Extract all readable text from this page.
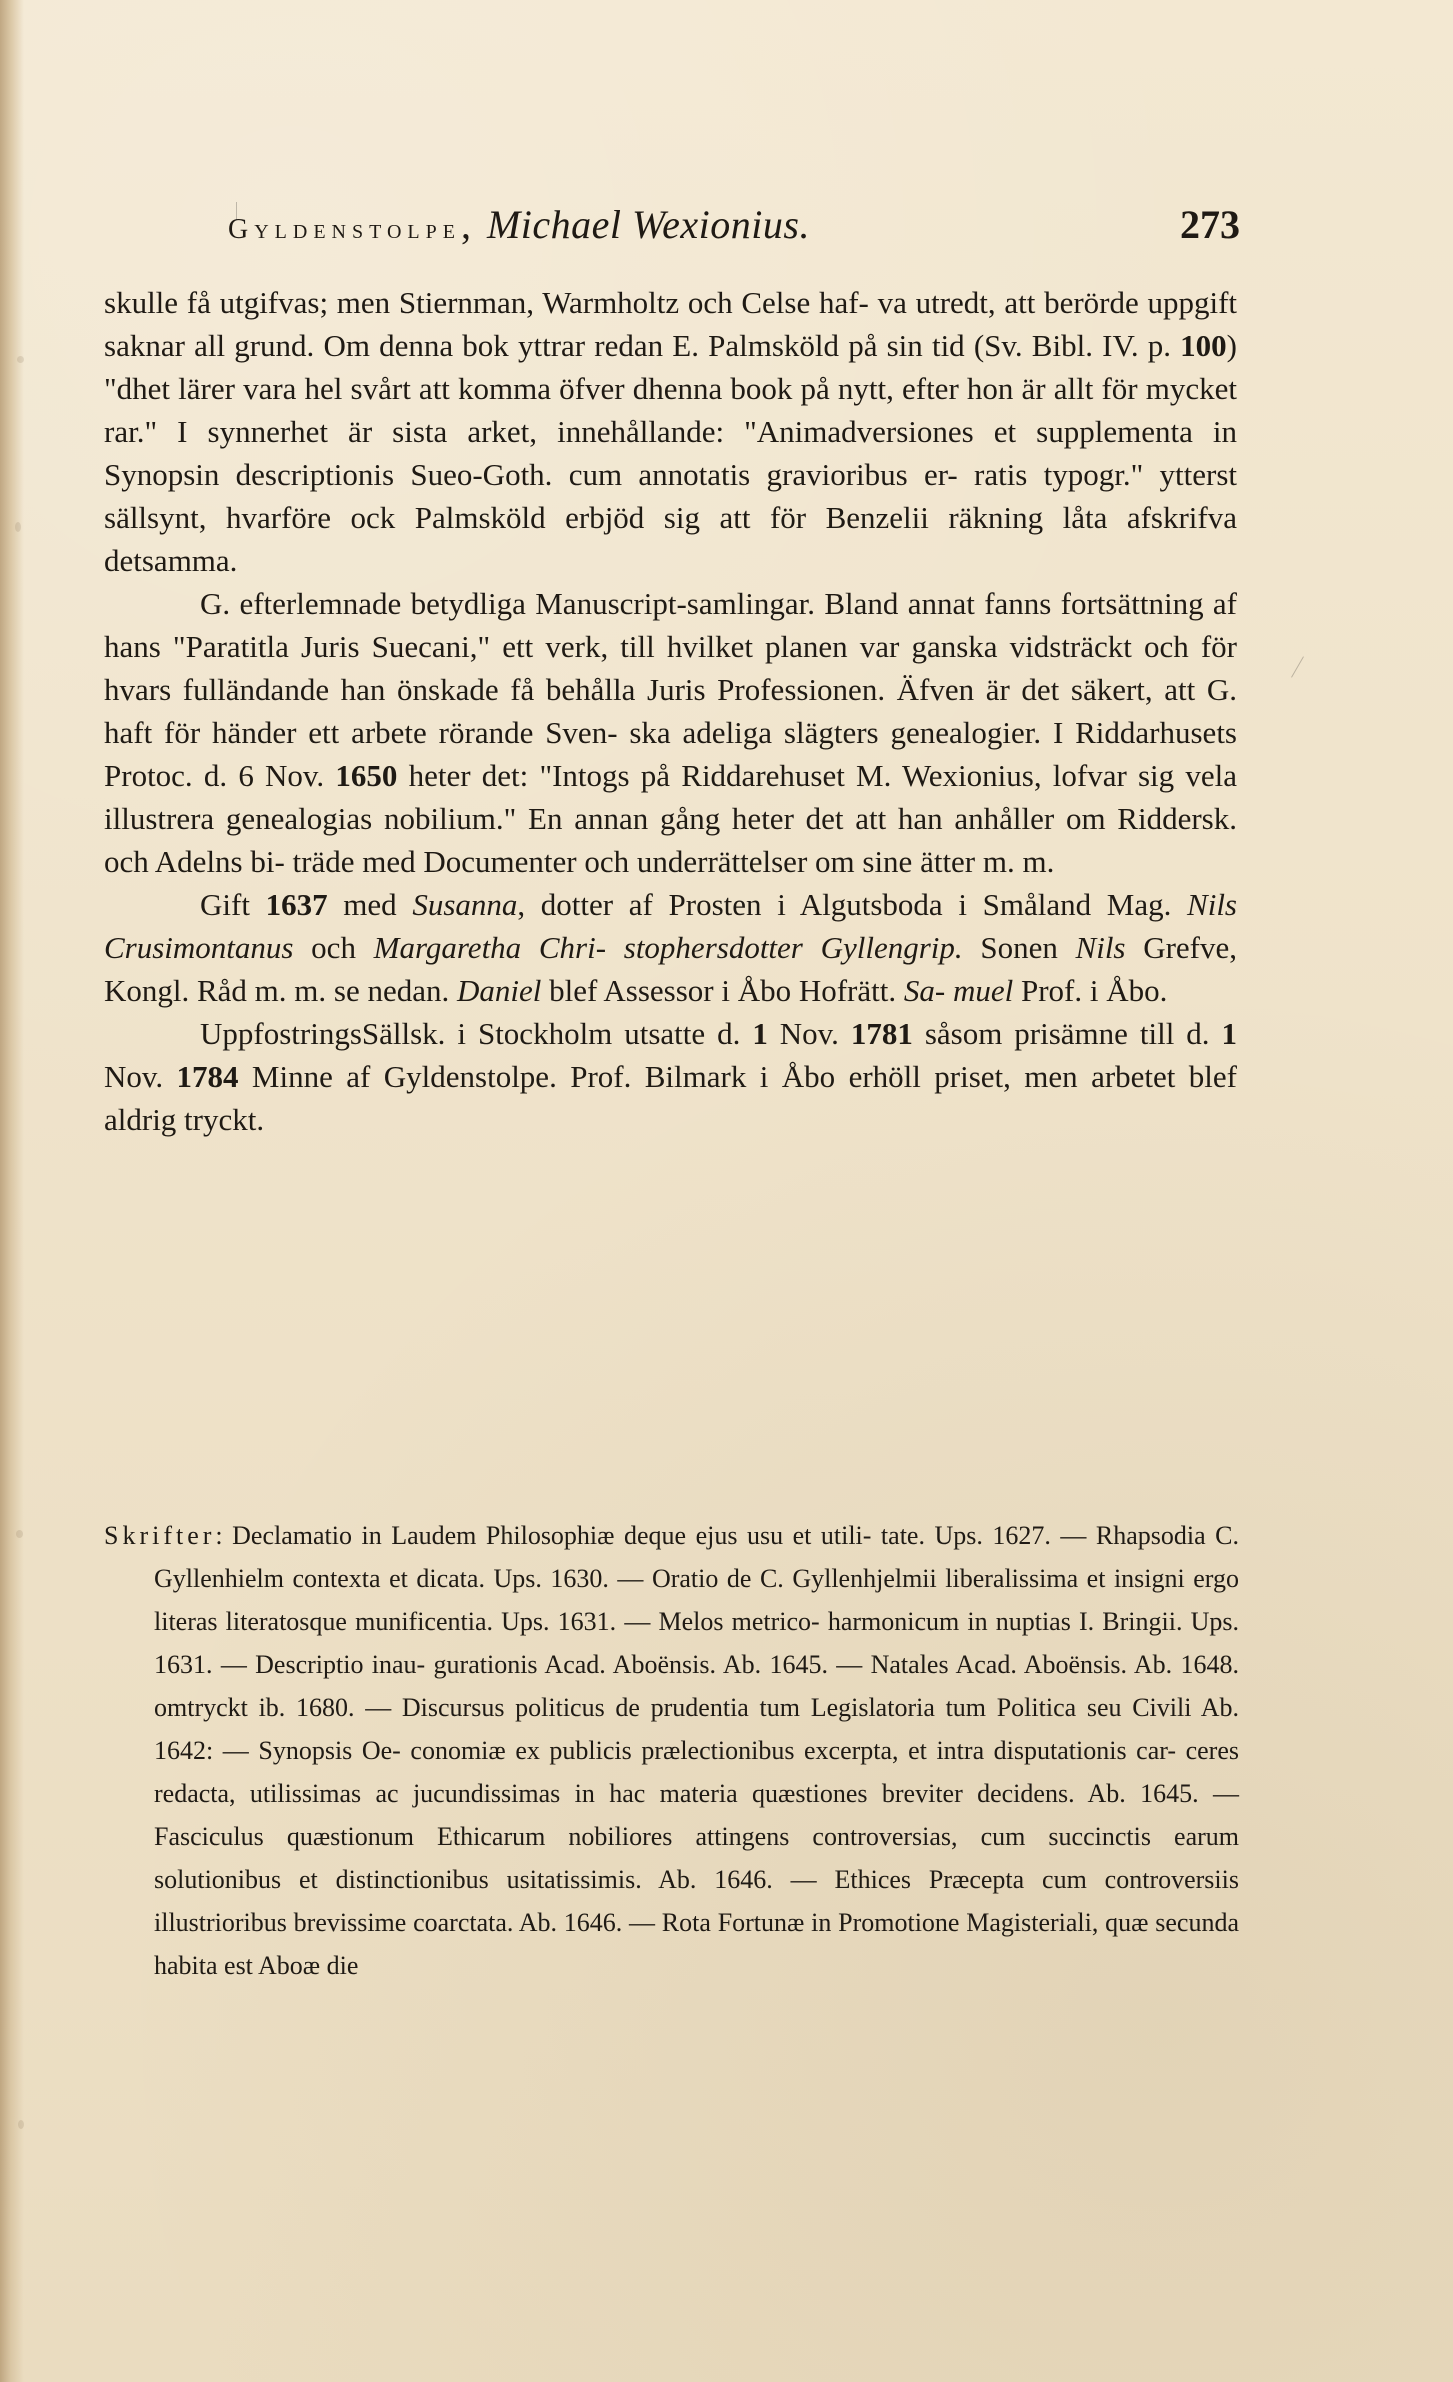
Gyldenstolpe, Michael Wexionius.	273

skulle få utgifvas; men Stiernman, Warmholtz och Celse haf- va utredt, att berörde uppgift saknar all grund. Om denna bok yttrar redan E. Palmsköld på sin tid (Sv. Bibl. IV. p. 100) "dhet lärer vara hel svårt att komma öfver dhenna book på nytt, efter hon är allt för mycket rar." I synnerhet är sista arket, innehållande: "Animadversiones et supplementa in Synopsin descriptionis Sueo-Goth. cum annotatis gravioribus er- ratis typogr." ytterst sällsynt, hvarföre ock Palmsköld erbjöd sig att för Benzelii räkning låta afskrifva detsamma.

G. efterlemnade betydliga Manuscript-samlingar. Bland annat fanns fortsättning af hans "Paratitla Juris Suecani," ett verk, till hvilket planen var ganska vidsträckt och för hvars fulländande han önskade få behålla Juris Professionen. Äfven är det säkert, att G. haft för händer ett arbete rörande Sven- ska adeliga slägters genealogier. I Riddarhusets Protoc. d. 6 Nov. 1650 heter det: "Intogs på Riddarehuset M. Wexionius, lofvar sig vela illustrera genealogias nobilium." En annan gång heter det att han anhåller om Riddersk. och Adelns bi- träde med Documenter och underrättelser om sine ätter m. m.

Gift 1637 med Susanna, dotter af Prosten i Algutsboda i Småland Mag. Nils Crusimontanus och Margaretha Chri- stophersdotter Gyllengrip. Sonen Nils Grefve, Kongl. Råd m. m. se nedan. Daniel blef Assessor i Åbo Hofrätt. Sa- muel Prof. i Åbo.

UppfostringsSällsk. i Stockholm utsatte d. 1 Nov. 1781 såsom prisämne till d. 1 Nov. 1784 Minne af Gyldenstolpe. Prof. Bilmark i Åbo erhöll priset, men arbetet blef aldrig tryckt.

Skrifter: Declamatio in Laudem Philosophiæ deque ejus usu et utili- tate. Ups. 1627. — Rhapsodia C. Gyllenhielm contexta et dicata. Ups. 1630. — Oratio de C. Gyllenhjelmii liberalissima et insigni ergo literas literatosque munificentia. Ups. 1631. — Melos metrico- harmonicum in nuptias I. Bringii. Ups. 1631. — Descriptio inau- gurationis Acad. Aboënsis. Ab. 1645. — Natales Acad. Aboënsis. Ab. 1648. omtryckt ib. 1680. — Discursus politicus de prudentia tum Legislatoria tum Politica seu Civili Ab. 1642: — Synopsis Oe- conomiæ ex publicis prælectionibus excerpta, et intra disputationis car- ceres redacta, utilissimas ac jucundissimas in hac materia quæstiones breviter decidens. Ab. 1645. — Fasciculus quæstionum Ethicarum nobiliores attingens controversias, cum succinctis earum solutionibus et distinctionibus usitatissimis. Ab. 1646. — Ethices Præcepta cum controversiis illustrioribus brevissime coarctata. Ab. 1646. — Rota Fortunæ in Promotione Magisteriali, quæ secunda habita est Aboæ die
